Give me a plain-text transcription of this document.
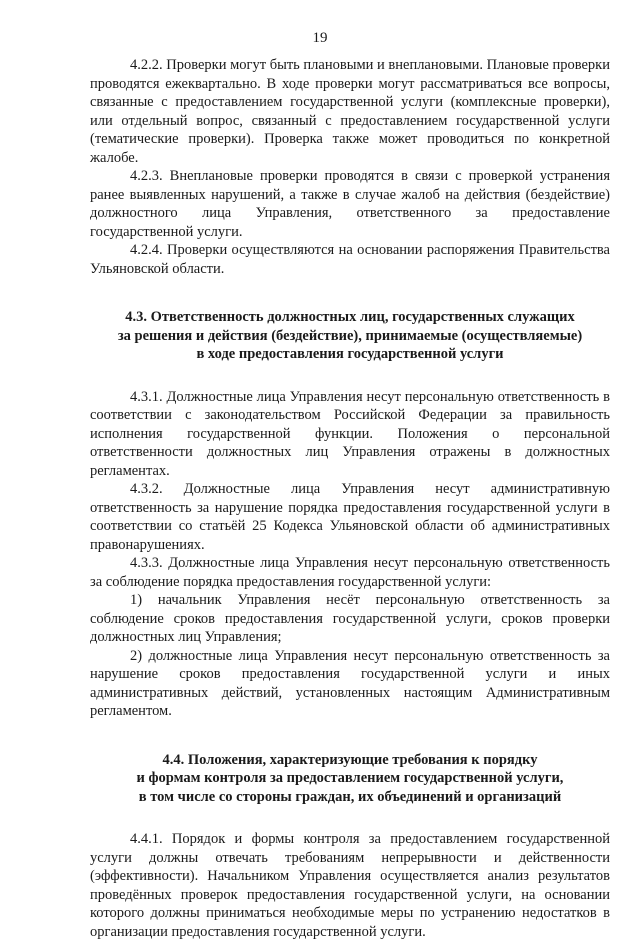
19

4.2.2. Проверки могут быть плановыми и внеплановыми. Плановые проверки проводятся ежеквартально. В ходе проверки могут рассматриваться все вопросы, связанные с предоставлением государственной услуги (комплексные проверки), или отдельный вопрос, связанный с предоставлением государственной услуги (тематические проверки). Проверка также может проводиться по конкретной жалобе.

4.2.3. Внеплановые проверки проводятся в связи с проверкой устранения ранее выявленных нарушений, а также в случае жалоб на действия (бездействие) должностного лица Управления, ответственного за предоставление государственной услуги.

4.2.4. Проверки осуществляются на основании распоряжения Правительства Ульяновской области.

4.3. Ответственность должностных лиц, государственных служащих
за решения и действия (бездействие), принимаемые (осуществляемые)
в ходе предоставления государственной услуги

4.3.1. Должностные лица Управления несут персональную ответственность в соответствии с законодательством Российской Федерации за правильность исполнения государственной функции. Положения о персональной ответственности должностных лиц Управления отражены в должностных регламентах.

4.3.2. Должностные лица Управления несут административную ответственность за нарушение порядка предоставления государственной услуги в соответствии со статьёй 25 Кодекса Ульяновской области об административных правонарушениях.

4.3.3. Должностные лица Управления несут персональную ответственность за соблюдение порядка предоставления государственной услуги:

1) начальник Управления несёт персональную ответственность за соблюдение сроков предоставления государственной услуги, сроков проверки должностных лиц Управления;

2) должностные лица Управления несут персональную ответственность за нарушение сроков предоставления государственной услуги и иных административных действий, установленных настоящим Административным регламентом.

4.4. Положения, характеризующие требования к порядку
и формам контроля за предоставлением государственной услуги,
в том числе со стороны граждан, их объединений и организаций

4.4.1. Порядок и формы контроля за предоставлением государственной услуги должны отвечать требованиям непрерывности и действенности (эффективности). Начальником Управления осуществляется анализ результатов проведённых проверок предоставления государственной услуги, на основании которого должны приниматься необходимые меры по устранению недостатков в организации предоставления государственной услуги.
